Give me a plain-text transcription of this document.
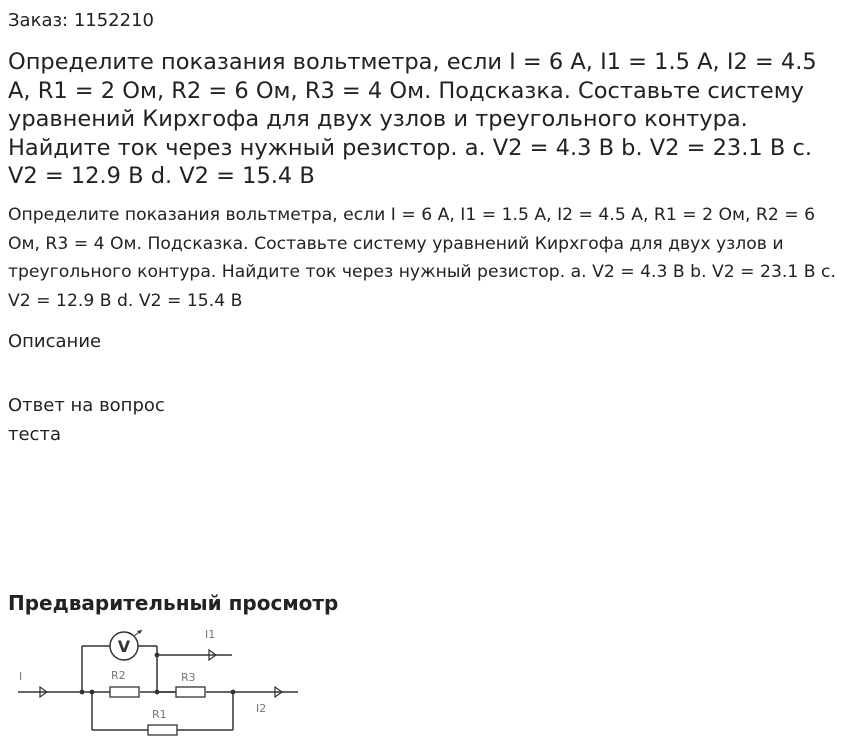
Заказ: 1152210
Определите показания вольтметра, если I = 6 А, I1 = 1.5 А, I2 = 4.5 А, R1 = 2 Ом, R2 = 6 Ом, R3 = 4 Ом. Подсказка. Составьте систему уравнений Кирхгофа для двух узлов и треугольного контура. Найдите ток через нужный резистор. a. V2 = 4.3 В b. V2 = 23.1 В c. V2 = 12.9 В d. V2 = 15.4 В

Определите показания вольтметра, если I = 6 А, I1 = 1.5 А, I2 = 4.5 А, R1 = 2 Ом, R2 = 6 Ом, R3 = 4 Ом. Подсказка. Составьте систему уравнений Кирхгофа для двух узлов и треугольного контура. Найдите ток через нужный резистор. a. V2 = 4.3 В b. V2 = 23.1 В c. V2 = 12.9 В d. V2 = 15.4 В

Описание
Ответ на вопрос теста
Предварительный просмотр
V
I
I1
I2
R2	R3
R1
